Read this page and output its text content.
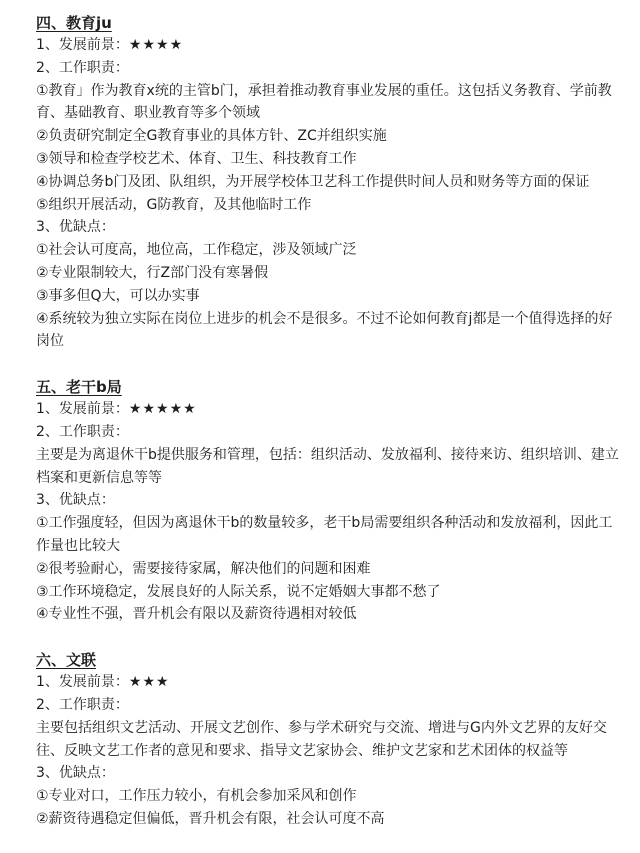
四、教育ju

1、发展前景：★★★★

2、工作职责：

①教育」作为教育x统的主管b门，承担着推动教育事业发展的重任。这包括义务教育、学前教育、基础教育、职业教育等多个领域

②负责研究制定全G教育事业的具体方针、ZC并组织实施

③领导和检查学校艺术、体育、卫生、科技教育工作

④协调总务b门及团、队组织，为开展学校体卫艺科工作提供时间人员和财务等方面的保证

⑤组织开展活动，G防教育，及其他临时工作

3、优缺点：

①社会认可度高，地位高，工作稳定，涉及领域广泛

②专业限制较大，行Z部门没有寒暑假

③事多但Q大，可以办实事

④系统较为独立实际在岗位上进步的机会不是很多。不过不论如何教育j都是一个值得选择的好岗位

五、老干b局

1、发展前景：★★★★★

2、工作职责：

主要是为离退休干b提供服务和管理，包括：组织活动、发放福利、接待来访、组织培训、建立档案和更新信息等等

3、优缺点：

①工作强度轻，但因为离退休干b的数量较多，老干b局需要组织各种活动和发放福利，因此工作量也比较大

②很考验耐心，需要接待家属，解决他们的问题和困难

③工作环境稳定，发展良好的人际关系，说不定婚姻大事都不愁了

④专业性不强，晋升机会有限以及薪资待遇相对较低

六、文联

1、发展前景：★★★

2、工作职责：

主要包括组织文艺活动、开展文艺创作、参与学术研究与交流、增进与G内外文艺界的友好交往、反映文艺工作者的意见和要求、指导文艺家协会、维护文艺家和艺术团体的权益等

3、优缺点：

①专业对口，工作压力较小，有机会参加采风和创作

②薪资待遇稳定但偏低，晋升机会有限，社会认可度不高
